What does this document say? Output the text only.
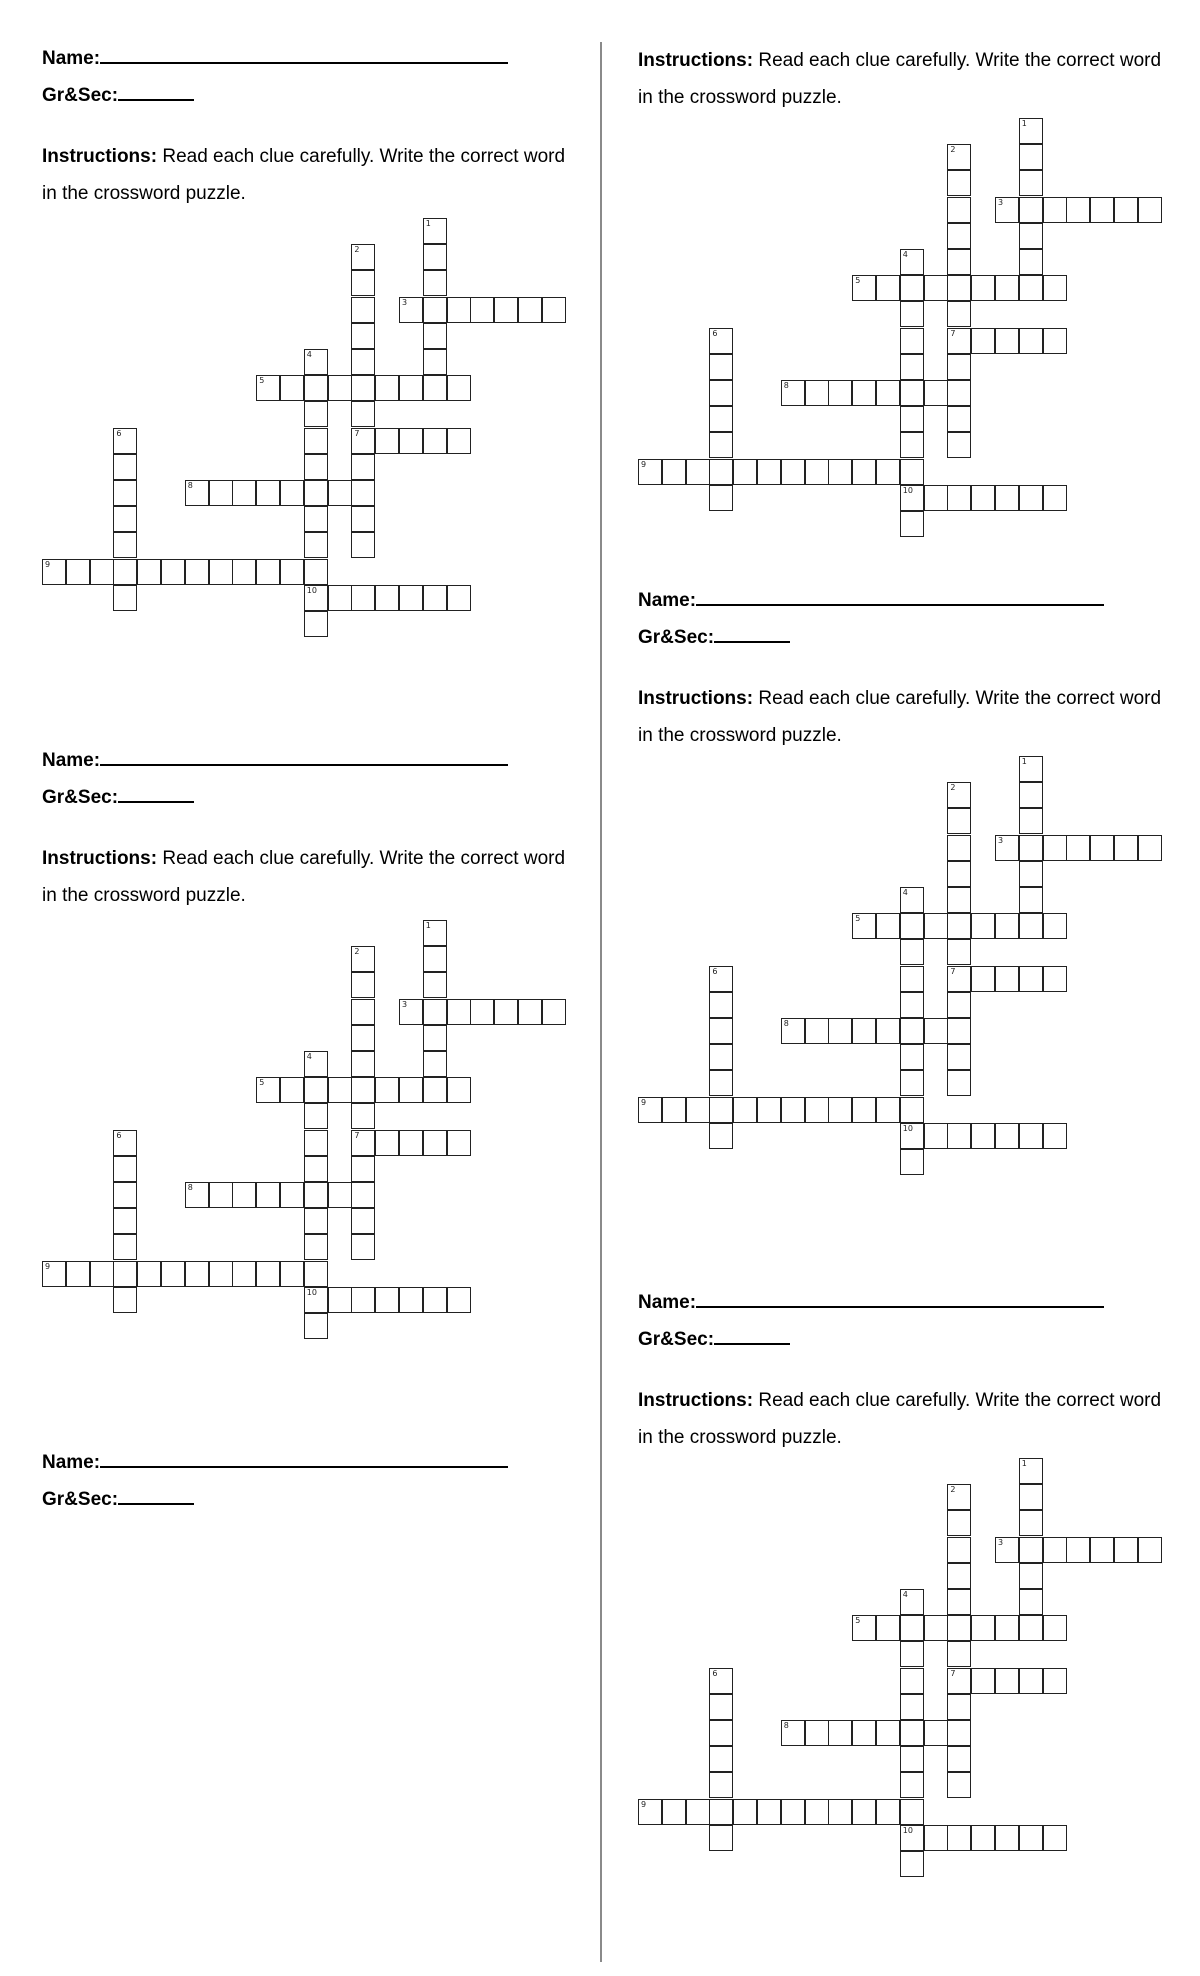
Name:
Gr&Sec:
Instructions: Read each clue carefully. Write the correct word in the crossword puzzle.
1
2
7
3
4
10
5
6
8
9
Name:
Gr&Sec:
Instructions: Read each clue carefully. Write the correct word in the crossword puzzle.
1
2
7
3
4
10
5
6
8
9
Name:
Gr&Sec:
Instructions: Read each clue carefully. Write the correct word in the crossword puzzle.
1
2
7
3
4
10
5
6
8
9
Name:
Gr&Sec:
Instructions: Read each clue carefully. Write the correct word in the crossword puzzle.
1
2
7
3
4
10
5
6
8
9
Name:
Gr&Sec:
Instructions: Read each clue carefully. Write the correct word in the crossword puzzle.
1
2
7
3
4
10
5
6
8
9
